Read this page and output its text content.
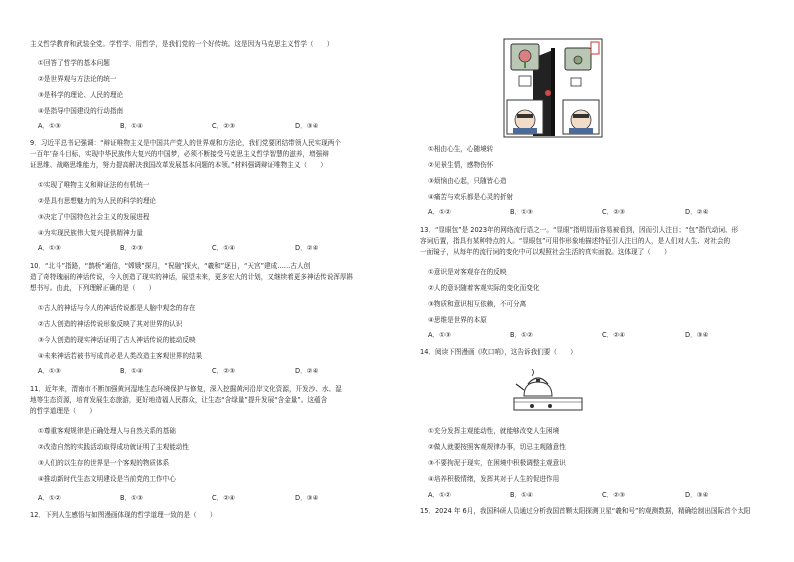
主义哲学教育和武装全党。学哲学、用哲学，是我们党的一个好传统。这是因为马克思主义哲学（　　）
①回答了哲学的基本问题
②是世界观与方法论的统一
③是科学的理论、人民的理论
④是指导中国建设的行动指南
A．①③	B．①④	C．②③	D．③④
9．习近平总书记强调：“辩证唯物主义是中国共产党人的世界观和方法论，我们党要团结带领人民实现两个
一百年’奋斗目标，实现中华民族伟大复兴的中国梦，必须不断接受马克思主义哲学智慧的滋养，增强辩
证思维、战略思维能力，努力提高解决我国改革发展基本问题的本领。”材料强调辩证唯物主义（　　）
①实现了唯物主义和辩证法的有机统一
②是具有思想魅力的为人民的科学的理论
③决定了中国特色社会主义的发展进程
④为实现民族伟大复兴提供精神力量
A．①③	B．②③	C．①④	D．②④
10．“北斗”指路，“鹊桥”通信，“嫦娥”探月，“祝融”探火，“羲和”逐日，“天宫”建成……古人创
造了奇特瑰丽的神话传说，今人创造了现实的神话，展望未来，更多宏大的计划，又继续着更多神话传说浑厚斟
想书写。由此，下列理解正确的是（　　）
①古人的神话与今人的神话传说都是人脑中观念的存在
②古人创造的神话传说形象反映了其对世界的认识
③今人创造的现实神话证明了古人神话传说的能动反映
④未来神话若被书写成真必是人类改造主客观世界的结果
A．①③	B．①④	C．②③	D．②④
11．近年来，渭南市不断加强黄河湿地生态环境保护与修复，深入挖掘黄河沿岸文化资源，开发沙、水、湿
地等生态资源，培育发展生态旅游，更好地造福人民群众，让生态“含绿量”提升发展“含金量”。这蕴含
的哲学道理是（　　）
①尊重客观规律是正确处理人与自然关系的基础
②改造自然的实践活动取得成功就证明了主观能动性
③人们的以生存的世界是一个客观的物质体系
④推动新时代生态文明建设是当前党的工作中心
A．①②	B．①③	C．②④	D．③④
12．下列人生感悟与如图漫画体现的哲学道理一致的是（　　）
①相由心生，心随境转
②见景生情，感物伤怀
③烦恼由心起，只随皆心造
④痛苦与欢乐都是心灵的折射
A．①②	B．①③	C．②③	D．②④
13．“显眼包”是 2023年的网络流行语之一。“显眼”指明显而容易被看到，因而引人注目；“包”指代动词、形
容词后置，指具有某种特点的人。“显眼包”可用作形象地描述特征引人注目的人，是人们对人生、对社会的
一面镜子，从每年的流行词的变化中可以观照社会生活的真实面貌。这体现了（　　）
①意识是对客观存在的反映
②人的意识随着客观实际的变化而变化
③物质和意识相互依赖，不可分离
④思维是世界的本原
A．①③	B．①②	C．②④	D．③④
14．阅读下图漫画《吹口哨》，这告诉我们要（　　）
①充分发挥主观能动性，就能够改变人生困境
②做人就要按照客观规律办事，切忌主观随意性
③不要拘泥于现实，在困境中积极调整主观意识
④培养积极情绪，发挥其对于人生的促进作用
A．①②	B．①④	C．②③	D．③④
15．2024 年 6月，我国科研人员通过分析我国首颗太阳探测卫星“羲和号”的观测数据，精确绘制出国际首个太阳
